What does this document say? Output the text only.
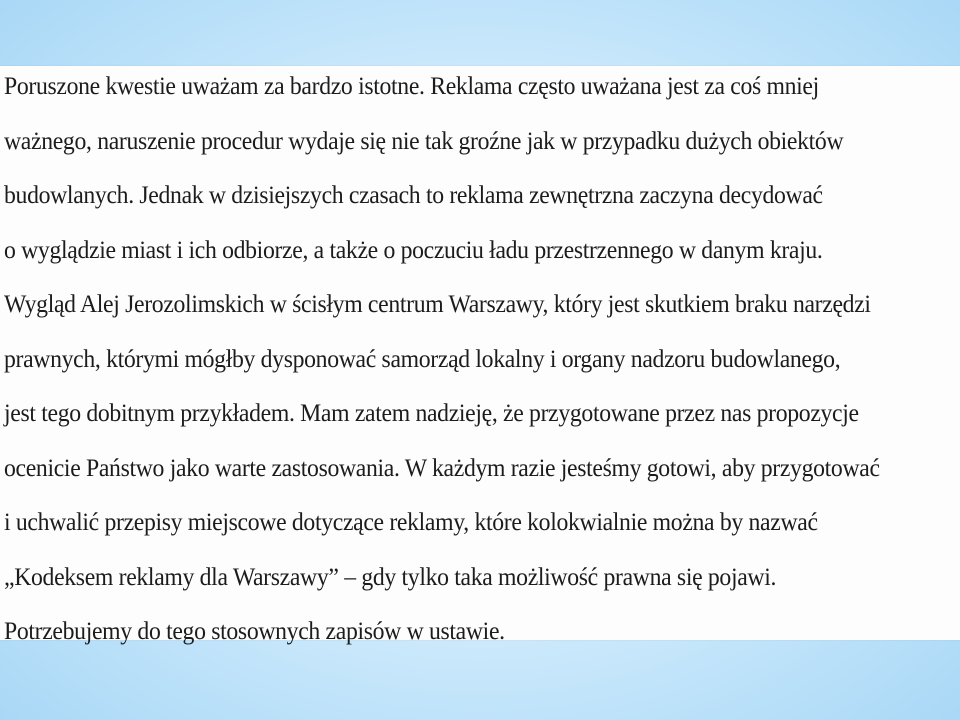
Poruszone kwestie uważam za bardzo istotne. Reklama często uważana jest za coś mniej
ważnego, naruszenie procedur wydaje się nie tak groźne jak w przypadku dużych obiektów
budowlanych. Jednak w dzisiejszych czasach to reklama zewnętrzna zaczyna decydować
o wyglądzie miast i ich odbiorze, a także o poczuciu ładu przestrzennego w danym kraju.
Wygląd Alej Jerozolimskich w ścisłym centrum Warszawy, który jest skutkiem braku narzędzi
prawnych, którymi mógłby dysponować samorząd lokalny i organy nadzoru budowlanego,
jest tego dobitnym przykładem. Mam zatem nadzieję, że przygotowane przez nas propozycje
ocenicie Państwo jako warte zastosowania. W każdym razie jesteśmy gotowi, aby przygotować
i uchwalić przepisy miejscowe dotyczące reklamy, które kolokwialnie można by nazwać
„Kodeksem reklamy dla Warszawy” – gdy tylko taka możliwość prawna się pojawi.
Potrzebujemy do tego stosownych zapisów w ustawie.
